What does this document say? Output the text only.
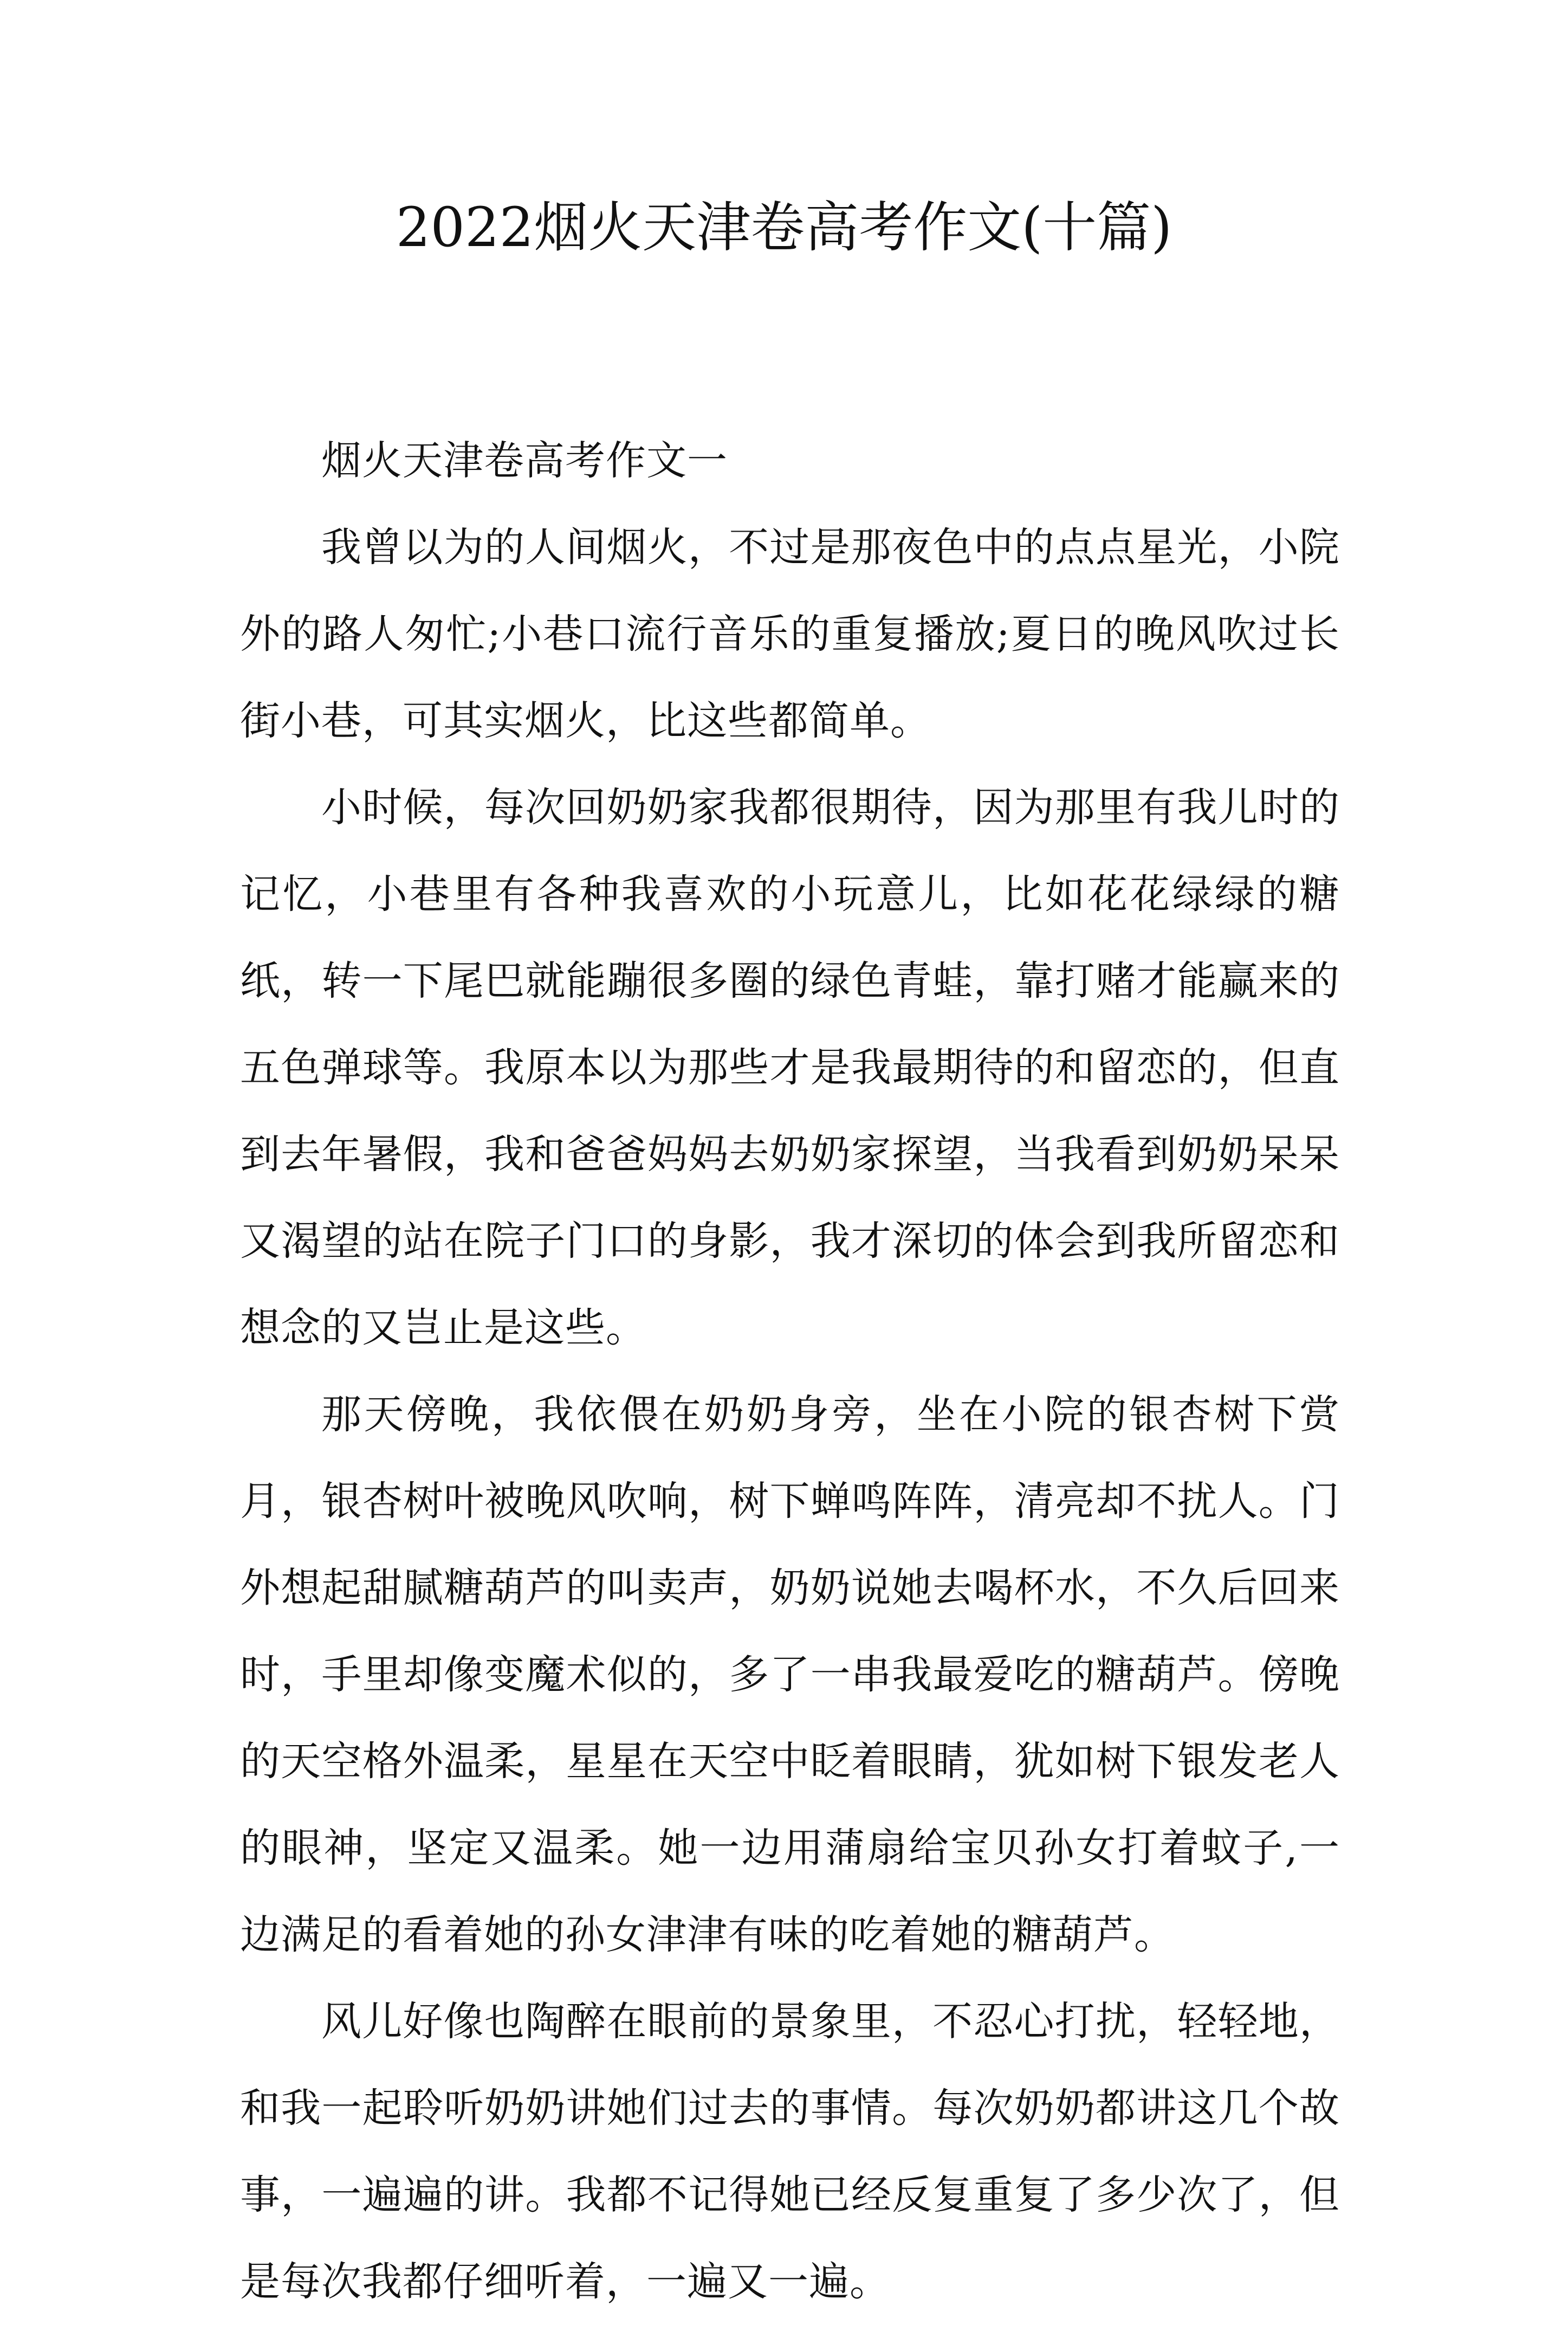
2022烟火天津卷高考作文(十篇)

烟火天津卷高考作文一

我曾以为的人间烟火，不过是那夜色中的点点星光，小院外的路人匆忙;小巷口流行音乐的重复播放;夏日的晚风吹过长街小巷，可其实烟火，比这些都简单。

小时候，每次回奶奶家我都很期待，因为那里有我儿时的记忆，小巷里有各种我喜欢的小玩意儿，比如花花绿绿的糖纸，转一下尾巴就能蹦很多圈的绿色青蛙，靠打赌才能赢来的五色弹球等。我原本以为那些才是我最期待的和留恋的，但直到去年暑假，我和爸爸妈妈去奶奶家探望，当我看到奶奶呆呆又渴望的站在院子门口的身影，我才深切的体会到我所留恋和想念的又岂止是这些。

那天傍晚，我依偎在奶奶身旁，坐在小院的银杏树下赏月，银杏树叶被晚风吹响，树下蝉鸣阵阵，清亮却不扰人。门外想起甜腻糖葫芦的叫卖声，奶奶说她去喝杯水，不久后回来时，手里却像变魔术似的，多了一串我最爱吃的糖葫芦。傍晚的天空格外温柔，星星在天空中眨着眼睛，犹如树下银发老人的眼神，坚定又温柔。她一边用蒲扇给宝贝孙女打着蚊子,一边满足的看着她的孙女津津有味的吃着她的糖葫芦。

风儿好像也陶醉在眼前的景象里，不忍心打扰，轻轻地，和我一起聆听奶奶讲她们过去的事情。每次奶奶都讲这几个故事，一遍遍的讲。我都不记得她已经反复重复了多少次了，但是每次我都仔细听着，一遍又一遍。
